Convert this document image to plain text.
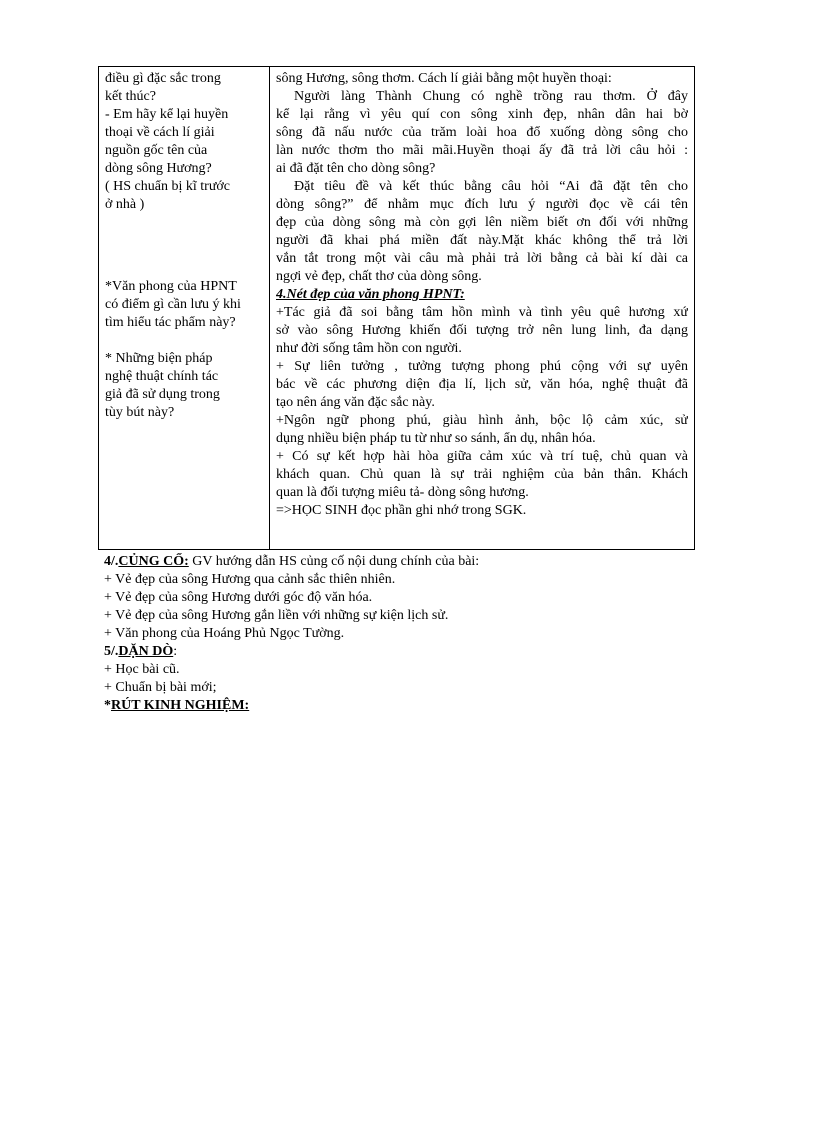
điều gì đặc sắc trong
kết thúc?
- Em hãy kể lại huyền
thoại về cách lí giải
nguồn gốc tên của
dòng sông Hương?
( HS chuẩn bị kĩ trước
ở nhà )
*Văn phong của HPNT
có điểm gì cần lưu ý khi
tìm hiểu tác phẩm này?
* Những biện pháp
nghệ thuật chính tác
giả đã sử dụng trong
tùy bút này?
sông Hương, sông thơm. Cách lí giải bằng một huyền thoại:
Người làng Thành Chung có nghề trồng rau thơm. Ở đây
kể lại rằng vì yêu quí con sông xinh đẹp, nhân dân hai bờ
sông đã nấu nước của trăm loài hoa đổ xuống dòng sông cho
làn nước thơm tho mãi mãi.Huyền thoại ấy đã trả lời câu hỏi :
ai đã đặt tên cho dòng sông?
Đặt tiêu đề và kết thúc bằng câu hỏi “Ai đã đặt tên cho
dòng sông?” để nhằm mục đích lưu ý người đọc về cái tên
đẹp của dòng sông mà còn gợi lên niềm biết ơn đối với những
người đã khai phá miền đất này.Mặt khác không thể trả lời
vắn tắt trong một vài câu mà phải trả lời bằng cả bài kí dài ca
ngợi vẻ đẹp, chất thơ của dòng sông.
4.Nét đẹp của văn phong HPNT:
+Tác giả đã soi bằng tâm hồn mình và tình yêu quê hương xứ
sở vào sông Hương khiến đối tượng trở nên lung linh, đa dạng
như đời sống tâm hồn con người.
+ Sự liên tưởng , tưởng tượng phong phú cộng với sự uyên
bác về các phương diện địa lí, lịch sử, văn hóa, nghệ thuật đã
tạo nên áng văn đặc sắc này.
+Ngôn ngữ phong phú, giàu hình ảnh, bộc lộ cảm xúc, sử
dụng nhiều biện pháp tu từ như so sánh, ẩn dụ, nhân hóa.
+ Có sự kết hợp hài hòa giữa cảm xúc và trí tuệ, chủ quan và
khách quan. Chủ quan là sự trải nghiệm của bản thân. Khách
quan là đối tượng miêu tả- dòng sông hương.
=>HỌC SINH đọc phần ghi nhớ trong SGK.
4/.CỦNG CỐ: GV hướng dẫn HS củng cố nội dung chính của bài:
+ Vẻ đẹp của sông Hương qua cảnh sắc thiên nhiên.
+ Vẻ đẹp của sông Hương dưới góc độ văn hóa.
+ Vẻ đẹp của sông Hương gắn liền với những sự kiện lịch sử.
+ Văn phong của Hoáng Phủ Ngọc Tường.
5/.DẶN DÒ:
+ Học bài cũ.
+ Chuẩn bị bài mới;
*RÚT KINH NGHIỆM:
